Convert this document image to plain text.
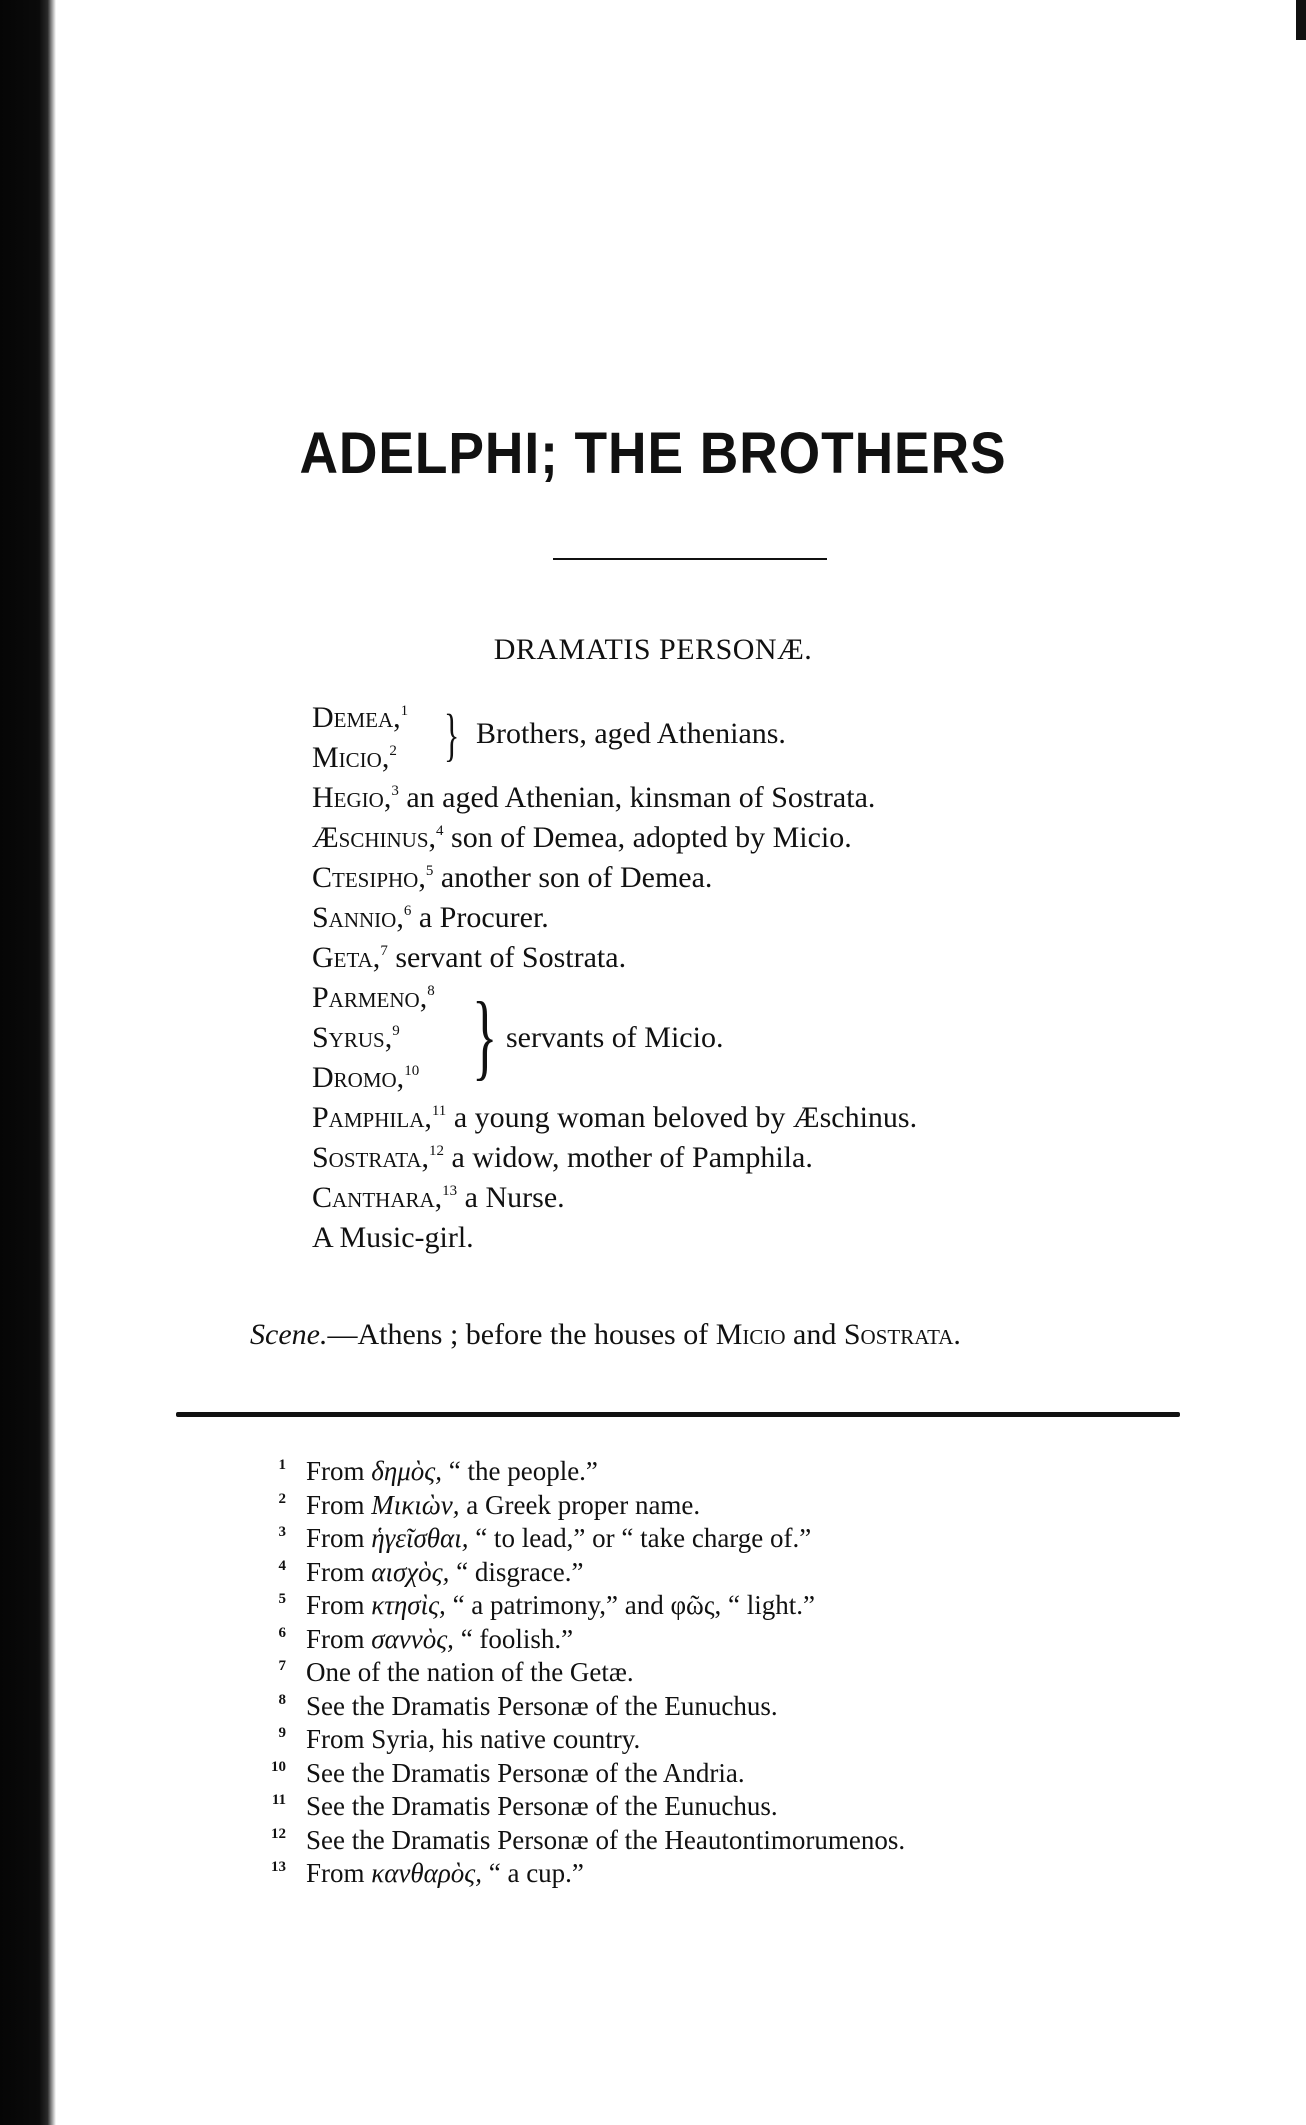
ADELPHI; THE BROTHERS
DRAMATIS PERSONÆ.
Demea,$^1$
Micio,$^2$ } Brothers, aged Athenians.
Hegio,$^3$ an aged Athenian, kinsman of Sostrata.
Æschinus,$^4$ son of Demea, adopted by Micio.
Ctesipho,$^5$ another son of Demea.
Sannio,$^6$ a Procurer.
Geta,$^7$ servant of Sostrata.
Parmeno,$^8$
Syrus,$^9$
Dromo,$^{10}$ } servants of Micio.
Pamphila,$^{11}$ a young woman beloved by Æschinus.
Sostrata,$^{12}$ a widow, mother of Pamphila.
Canthara,$^{13}$ a Nurse.
A Music-girl.
Scene.—Athens ; before the houses of Micio and Sostrata.
1 From δημὸς, “ the people.”
2 From Μικιὼν, a Greek proper name.
3 From ἡγεῖσθαι, “ to lead,” or “ take charge of.”
4 From αισχὸς, “ disgrace.”
5 From κτησὶς, “ a patrimony,” and φῶς, “ light.”
6 From σαννὸς, “ foolish.”
7 One of the nation of the Getæ.
8 See the Dramatis Personæ of the Eunuchus.
9 From Syria, his native country.
10 See the Dramatis Personæ of the Andria.
11 See the Dramatis Personæ of the Eunuchus.
12 See the Dramatis Personæ of the Heautontimorumenos.
13 From κανθαρὸς, “ a cup.”
